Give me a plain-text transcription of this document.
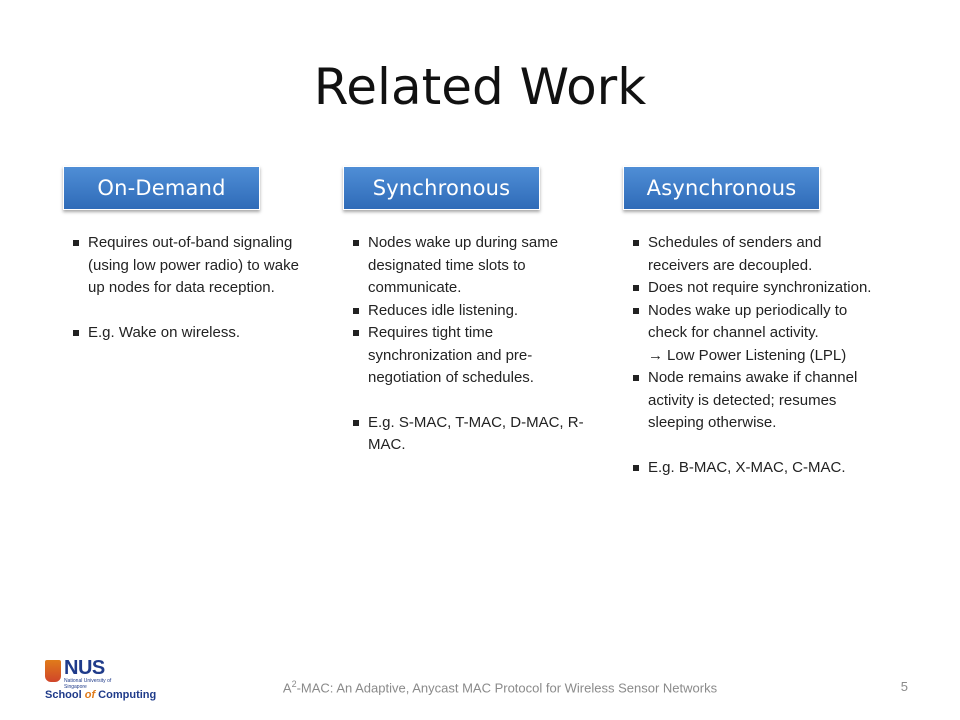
Related Work
On-Demand
Requires out-of-band signaling (using low power radio) to wake up nodes for data reception.
E.g. Wake on wireless.
Synchronous
Nodes wake up during same designated time slots to communicate.
Reduces idle listening.
Requires tight time synchronization and pre-negotiation of schedules.
E.g. S-MAC, T-MAC, D-MAC, R-MAC.
Asynchronous
Schedules of senders and receivers are decoupled.
Does not require synchronization.
Nodes wake up periodically to check for channel activity.
→ Low Power Listening (LPL)
Node remains awake if channel activity is detected; resumes sleeping otherwise.
E.g. B-MAC, X-MAC, C-MAC.
NUS
National University of Singapore
School of Computing	$A^2$-MAC: An Adaptive, Anycast MAC Protocol for Wireless Sensor Networks	5
